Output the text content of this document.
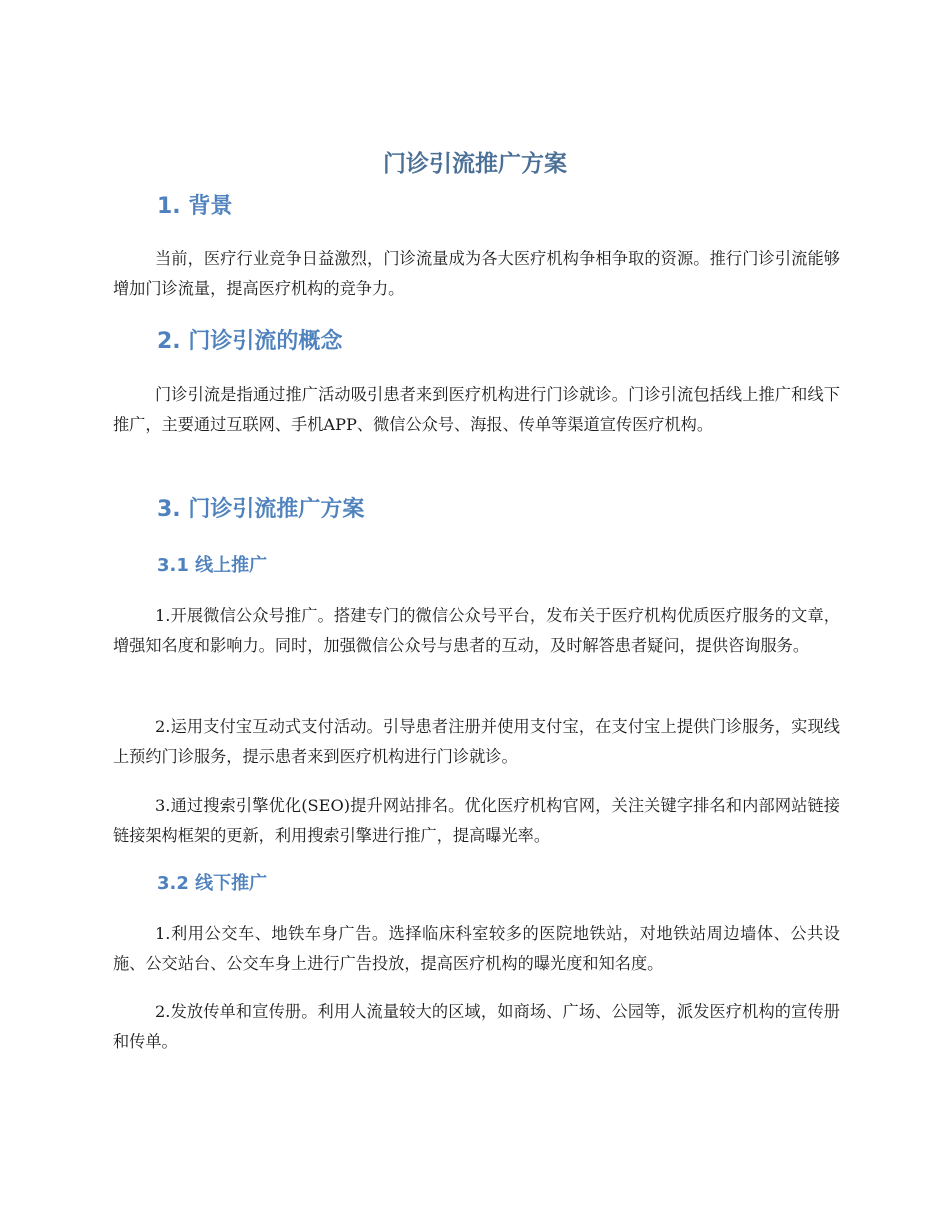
门诊引流推广方案
1. 背景

当前，医疗行业竞争日益激烈，门诊流量成为各大医疗机构争相争取的资源。推行门诊引流能够增加门诊流量，提高医疗机构的竞争力。

2. 门诊引流的概念

门诊引流是指通过推广活动吸引患者来到医疗机构进行门诊就诊。门诊引流包括线上推广和线下推广，主要通过互联网、手机APP、微信公众号、海报、传单等渠道宣传医疗机构。

3. 门诊引流推广方案
3.1 线上推广

1.开展微信公众号推广。搭建专门的微信公众号平台，发布关于医疗机构优质医疗服务的文章，增强知名度和影响力。同时，加强微信公众号与患者的互动，及时解答患者疑问，提供咨询服务。

2.运用支付宝互动式支付活动。引导患者注册并使用支付宝，在支付宝上提供门诊服务，实现线上预约门诊服务，提示患者来到医疗机构进行门诊就诊。

3.通过搜索引擎优化(SEO)提升网站排名。优化医疗机构官网，关注关键字排名和内部网站链接链接架构框架的更新，利用搜索引擎进行推广，提高曝光率。

3.2 线下推广

1.利用公交车、地铁车身广告。选择临床科室较多的医院地铁站，对地铁站周边墙体、公共设施、公交站台、公交车身上进行广告投放，提高医疗机构的曝光度和知名度。

2.发放传单和宣传册。利用人流量较大的区域，如商场、广场、公园等，派发医疗机构的宣传册和传单。
